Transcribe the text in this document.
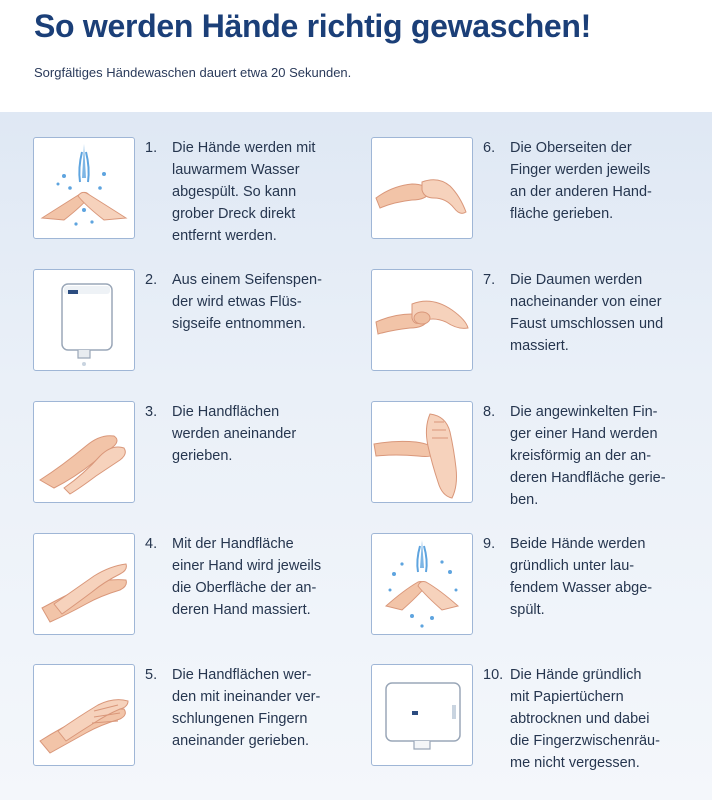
So werden Hände richtig gewaschen!
Sorgfältiges Händewaschen dauert etwa 20 Sekunden.
1. Die Hände werden mit
lauwarmem Wasser
abgespült. So kann
grober Dreck direkt
entfernt werden.
2. Aus einem Seifenspen-
der wird etwas Flüs-
sigseife entnommen.
3. Die Handflächen
werden aneinander
gerieben.
4. Mit der Handfläche
einer Hand wird jeweils
die Oberfläche der an-
deren Hand massiert.
5. Die Handflächen wer-
den mit ineinander ver-
schlungenen Fingern
aneinander gerieben.
6. Die Oberseiten der
Finger werden jeweils
an der anderen Hand-
fläche gerieben.
7. Die Daumen werden
nacheinander von einer
Faust umschlossen und
massiert.
8. Die angewinkelten Fin-
ger einer Hand werden
kreisförmig an der an-
deren Handfläche gerie-
ben.
9. Beide Hände werden
gründlich unter lau-
fendem Wasser abge-
spült.
10. Die Hände gründlich
mit Papiertüchern
abtrocknen und dabei
die Fingerzwischenräu-
me nicht vergessen.
